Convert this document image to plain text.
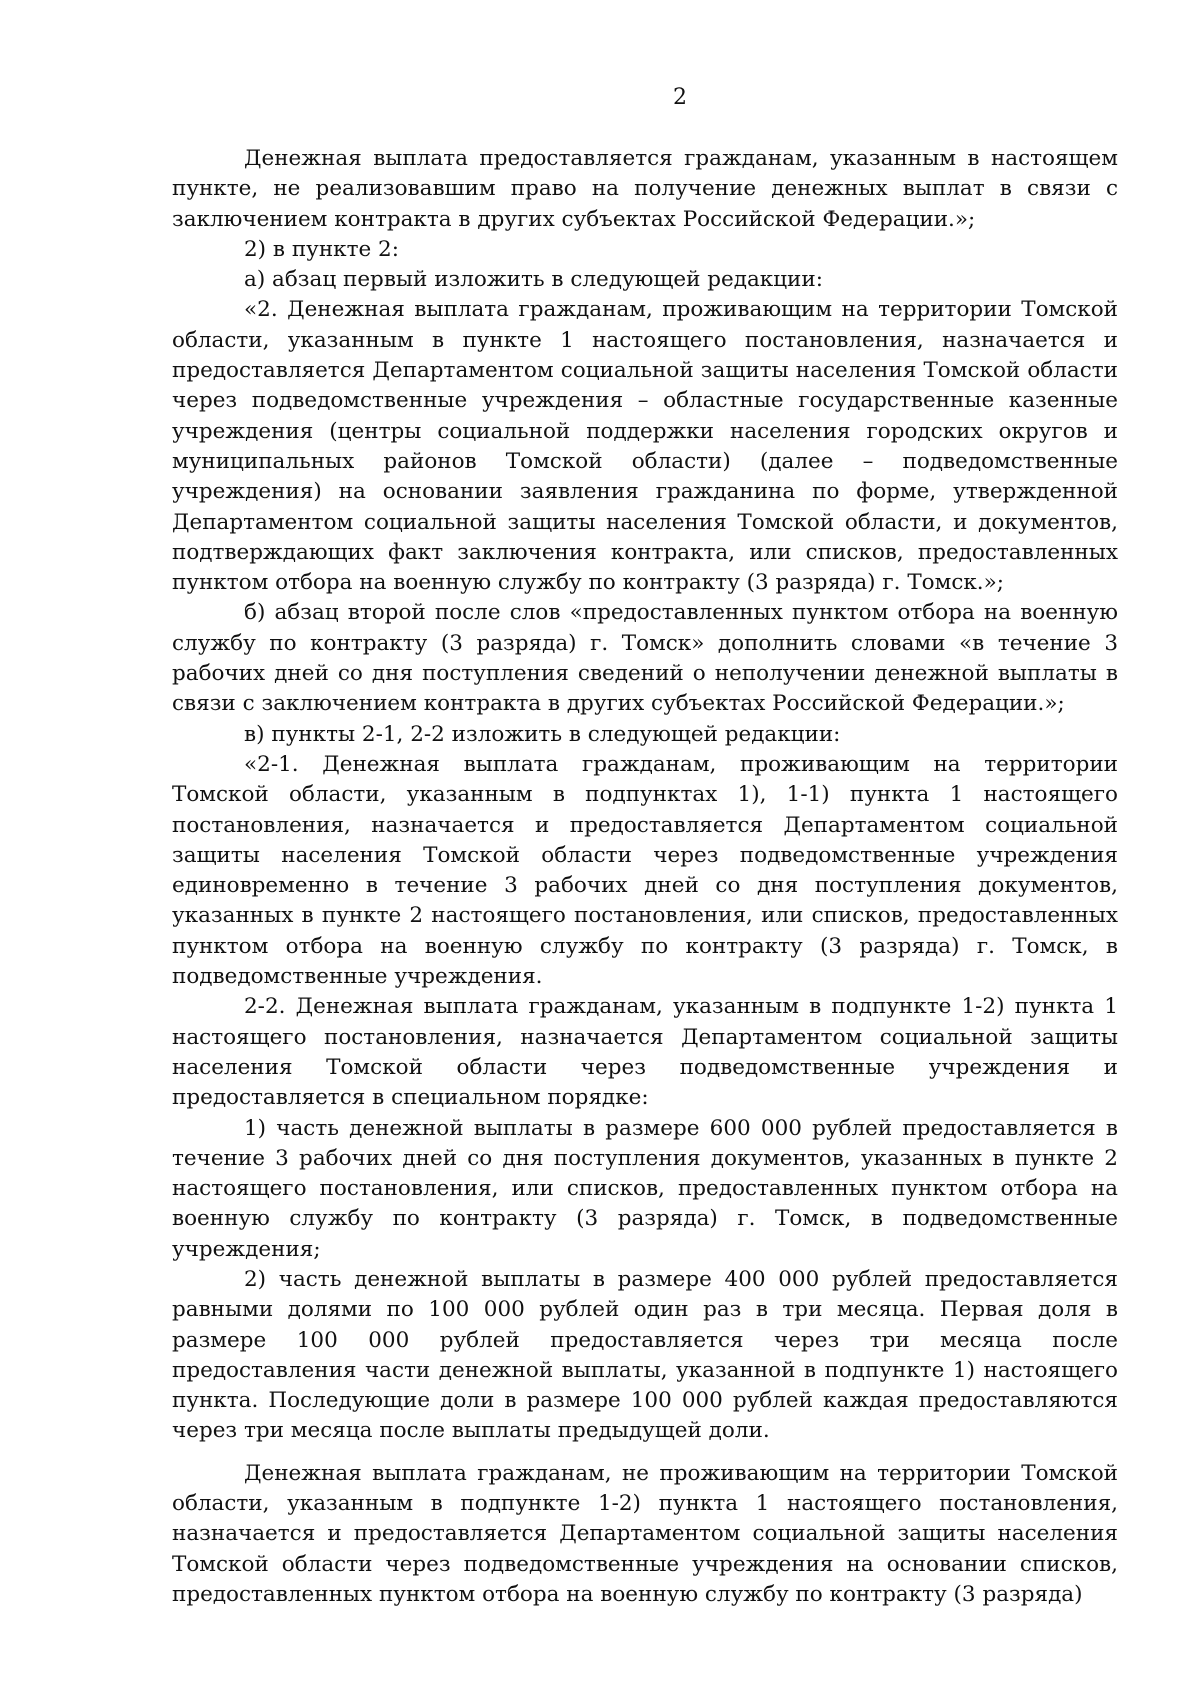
2

Денежная выплата предоставляется гражданам, указанным в настоящем пункте, не реализовавшим право на получение денежных выплат в связи с заключением контракта в других субъектах Российской Федерации.»;

2) в пункте 2:

а) абзац первый изложить в следующей редакции:

«2. Денежная выплата гражданам, проживающим на территории Томской области, указанным в пункте 1 настоящего постановления, назначается и предоставляется Департаментом социальной защиты населения Томской области через подведомственные учреждения – областные государственные казенные учреждения (центры социальной поддержки населения городских округов и муниципальных районов Томской области) (далее – подведомственные учреждения) на основании заявления гражданина по форме, утвержденной Департаментом социальной защиты населения Томской области, и документов, подтверждающих факт заключения контракта, или списков, предоставленных пунктом отбора на военную службу по контракту (3 разряда) г. Томск.»;

б) абзац второй после слов «предоставленных пунктом отбора на военную службу по контракту (3 разряда) г. Томск» дополнить словами «в течение 3 рабочих дней со дня поступления сведений о неполучении денежной выплаты в связи с заключением контракта в других субъектах Российской Федерации.»;

в) пункты 2-1, 2-2 изложить в следующей редакции:

«2-1. Денежная выплата гражданам, проживающим на территории Томской области, указанным в подпунктах 1), 1-1) пункта 1 настоящего постановления, назначается и предоставляется Департаментом социальной защиты населения Томской области через подведомственные учреждения единовременно в течение 3 рабочих дней со дня поступления документов, указанных в пункте 2 настоящего постановления, или списков, предоставленных пунктом отбора на военную службу по контракту (3 разряда) г. Томск, в подведомственные учреждения.

2-2. Денежная выплата гражданам, указанным в подпункте 1-2) пункта 1 настоящего постановления, назначается Департаментом социальной защиты населения Томской области через подведомственные учреждения и предоставляется в специальном порядке:

1) часть денежной выплаты в размере 600 000 рублей предоставляется в течение 3 рабочих дней со дня поступления документов, указанных в пункте 2 настоящего постановления, или списков, предоставленных пунктом отбора на военную службу по контракту (3 разряда) г. Томск, в подведомственные учреждения;

2) часть денежной выплаты в размере 400 000 рублей предоставляется равными долями по 100 000 рублей один раз в три месяца. Первая доля в размере 100 000 рублей предоставляется через три месяца после предоставления части денежной выплаты, указанной в подпункте 1) настоящего пункта. Последующие доли в размере 100 000 рублей каждая предоставляются через три месяца после выплаты предыдущей доли.

Денежная выплата гражданам, не проживающим на территории Томской области, указанным в подпункте 1-2) пункта 1 настоящего постановления, назначается и предоставляется Департаментом социальной защиты населения Томской области через подведомственные учреждения на основании списков, предоставленных пунктом отбора на военную службу по контракту (3 разряда)
